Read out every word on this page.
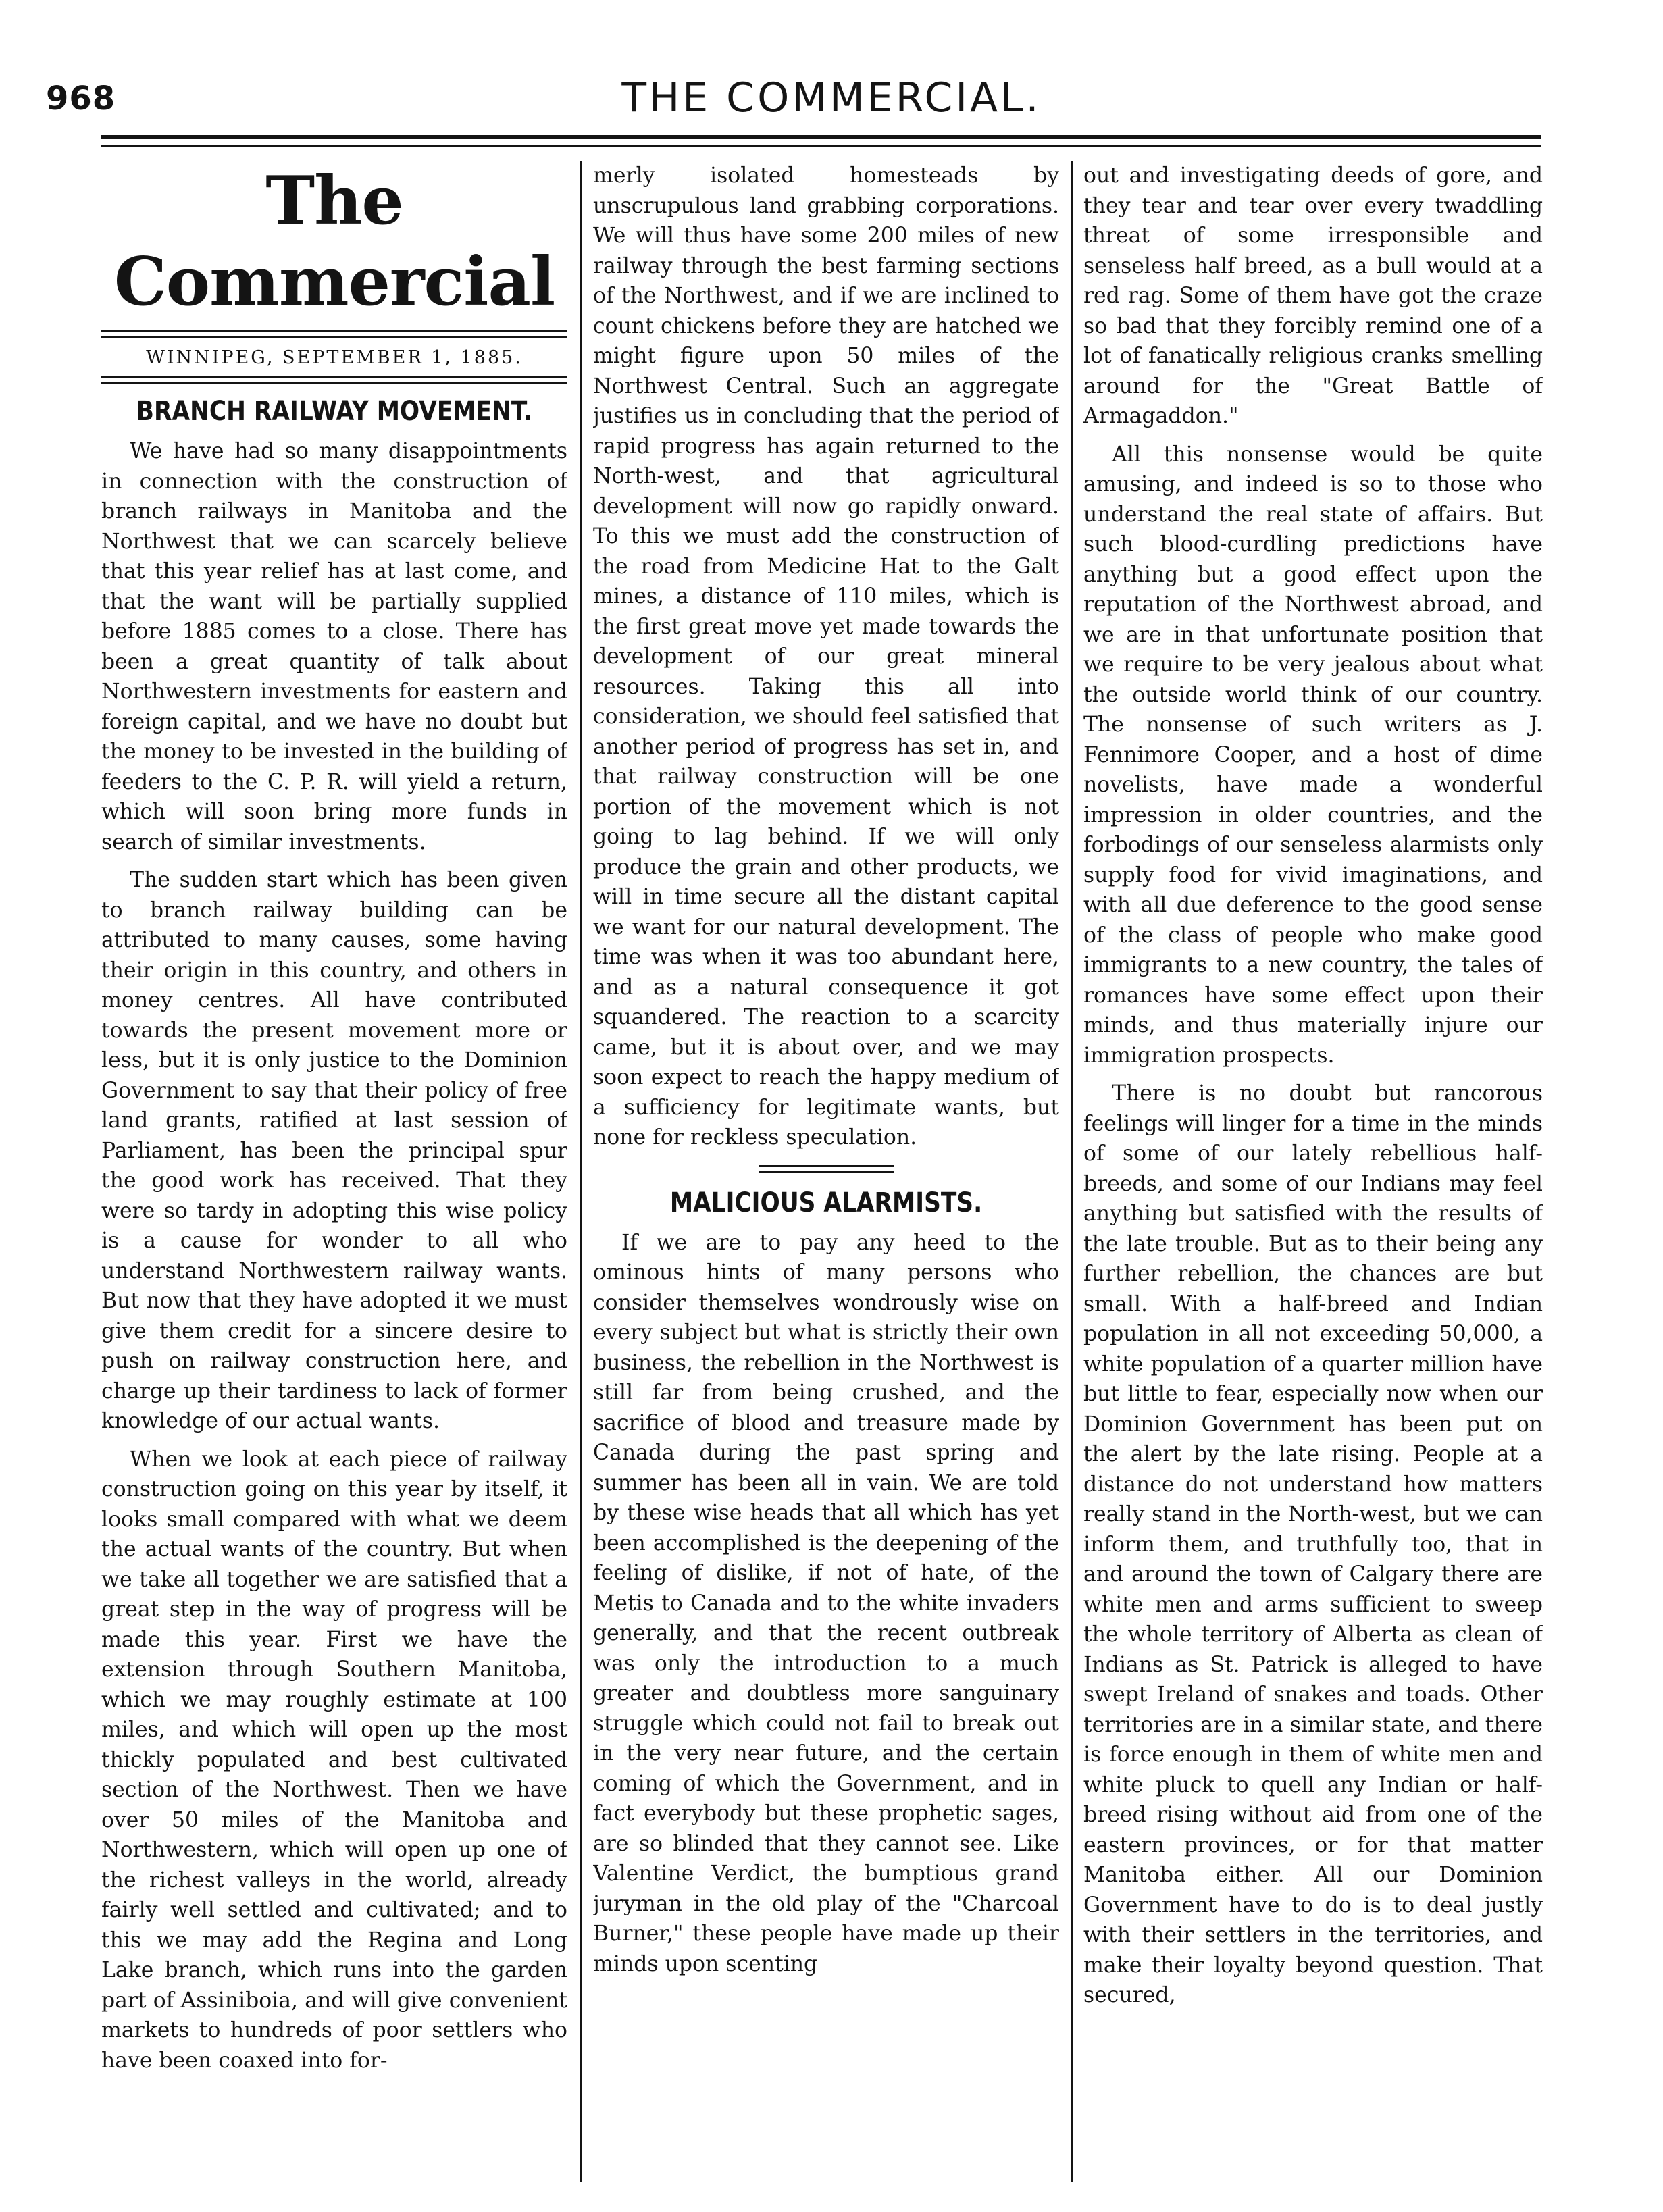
968	THE COMMERCIAL.
The Commercial
WINNIPEG, SEPTEMBER 1, 1885.
BRANCH RAILWAY MOVEMENT.

We have had so many disappointments in connection with the construction of branch railways in Manitoba and the Northwest that we can scarcely believe that this year relief has at last come, and that the want will be partially supplied before 1885 comes to a close. There has been a great quantity of talk about Northwestern investments for eastern and foreign capital, and we have no doubt but the money to be invested in the building of feeders to the C. P. R. will yield a return, which will soon bring more funds in search of similar investments.

The sudden start which has been given to branch railway building can be attributed to many causes, some having their origin in this country, and others in money centres. All have contributed towards the present movement more or less, but it is only justice to the Dominion Government to say that their policy of free land grants, ratified at last session of Parliament, has been the principal spur the good work has received. That they were so tardy in adopting this wise policy is a cause for wonder to all who understand Northwestern railway wants. But now that they have adopted it we must give them credit for a sincere desire to push on railway construction here, and charge up their tardiness to lack of former knowledge of our actual wants.

When we look at each piece of railway construction going on this year by itself, it looks small compared with what we deem the actual wants of the country. But when we take all together we are satisfied that a great step in the way of progress will be made this year. First we have the extension through Southern Manitoba, which we may roughly estimate at 100 miles, and which will open up the most thickly populated and best cultivated section of the Northwest. Then we have over 50 miles of the Manitoba and Northwestern, which will open up one of the richest valleys in the world, already fairly well settled and cultivated; and to this we may add the Regina and Long Lake branch, which runs into the garden part of Assiniboia, and will give convenient markets to hundreds of poor settlers who have been coaxed into for-

merly isolated homesteads by unscrupulous land grabbing corporations. We will thus have some 200 miles of new railway through the best farming sections of the Northwest, and if we are inclined to count chickens before they are hatched we might figure upon 50 miles of the Northwest Central. Such an aggregate justifies us in concluding that the period of rapid progress has again returned to the North-west, and that agricultural development will now go rapidly onward. To this we must add the construction of the road from Medicine Hat to the Galt mines, a distance of 110 miles, which is the first great move yet made towards the development of our great mineral resources. Taking this all into consideration, we should feel satisfied that another period of progress has set in, and that railway construction will be one portion of the movement which is not going to lag behind. If we will only produce the grain and other products, we will in time secure all the distant capital we want for our natural development. The time was when it was too abundant here, and as a natural consequence it got squandered. The reaction to a scarcity came, but it is about over, and we may soon expect to reach the happy medium of a sufficiency for legitimate wants, but none for reckless speculation.

MALICIOUS ALARMISTS.

If we are to pay any heed to the ominous hints of many persons who consider themselves wondrously wise on every subject but what is strictly their own business, the rebellion in the Northwest is still far from being crushed, and the sacrifice of blood and treasure made by Canada during the past spring and summer has been all in vain. We are told by these wise heads that all which has yet been accomplished is the deepening of the feeling of dislike, if not of hate, of the Metis to Canada and to the white invaders generally, and that the recent outbreak was only the introduction to a much greater and doubtless more sanguinary struggle which could not fail to break out in the very near future, and the certain coming of which the Government, and in fact everybody but these prophetic sages, are so blinded that they cannot see. Like Valentine Verdict, the bumptious grand juryman in the old play of the "Charcoal Burner," these people have made up their minds upon scenting

out and investigating deeds of gore, and they tear and tear over every twaddling threat of some irresponsible and senseless half breed, as a bull would at a red rag. Some of them have got the craze so bad that they forcibly remind one of a lot of fanatically religious cranks smelling around for the "Great Battle of Armagaddon."

All this nonsense would be quite amusing, and indeed is so to those who understand the real state of affairs. But such blood-curdling predictions have anything but a good effect upon the reputation of the Northwest abroad, and we are in that unfortunate position that we require to be very jealous about what the outside world think of our country. The nonsense of such writers as J. Fennimore Cooper, and a host of dime novelists, have made a wonderful impression in older countries, and the forbodings of our senseless alarmists only supply food for vivid imaginations, and with all due deference to the good sense of the class of people who make good immigrants to a new country, the tales of romances have some effect upon their minds, and thus materially injure our immigration prospects.

There is no doubt but rancorous feelings will linger for a time in the minds of some of our lately rebellious half-breeds, and some of our Indians may feel anything but satisfied with the results of the late trouble. But as to their being any further rebellion, the chances are but small. With a half-breed and Indian population in all not exceeding 50,000, a white population of a quarter million have but little to fear, especially now when our Dominion Government has been put on the alert by the late rising. People at a distance do not understand how matters really stand in the North-west, but we can inform them, and truthfully too, that in and around the town of Calgary there are white men and arms sufficient to sweep the whole territory of Alberta as clean of Indians as St. Patrick is alleged to have swept Ireland of snakes and toads. Other territories are in a similar state, and there is force enough in them of white men and white pluck to quell any Indian or half-breed rising without aid from one of the eastern provinces, or for that matter Manitoba either. All our Dominion Government have to do is to deal justly with their settlers in the territories, and make their loyalty beyond question. That secured,
